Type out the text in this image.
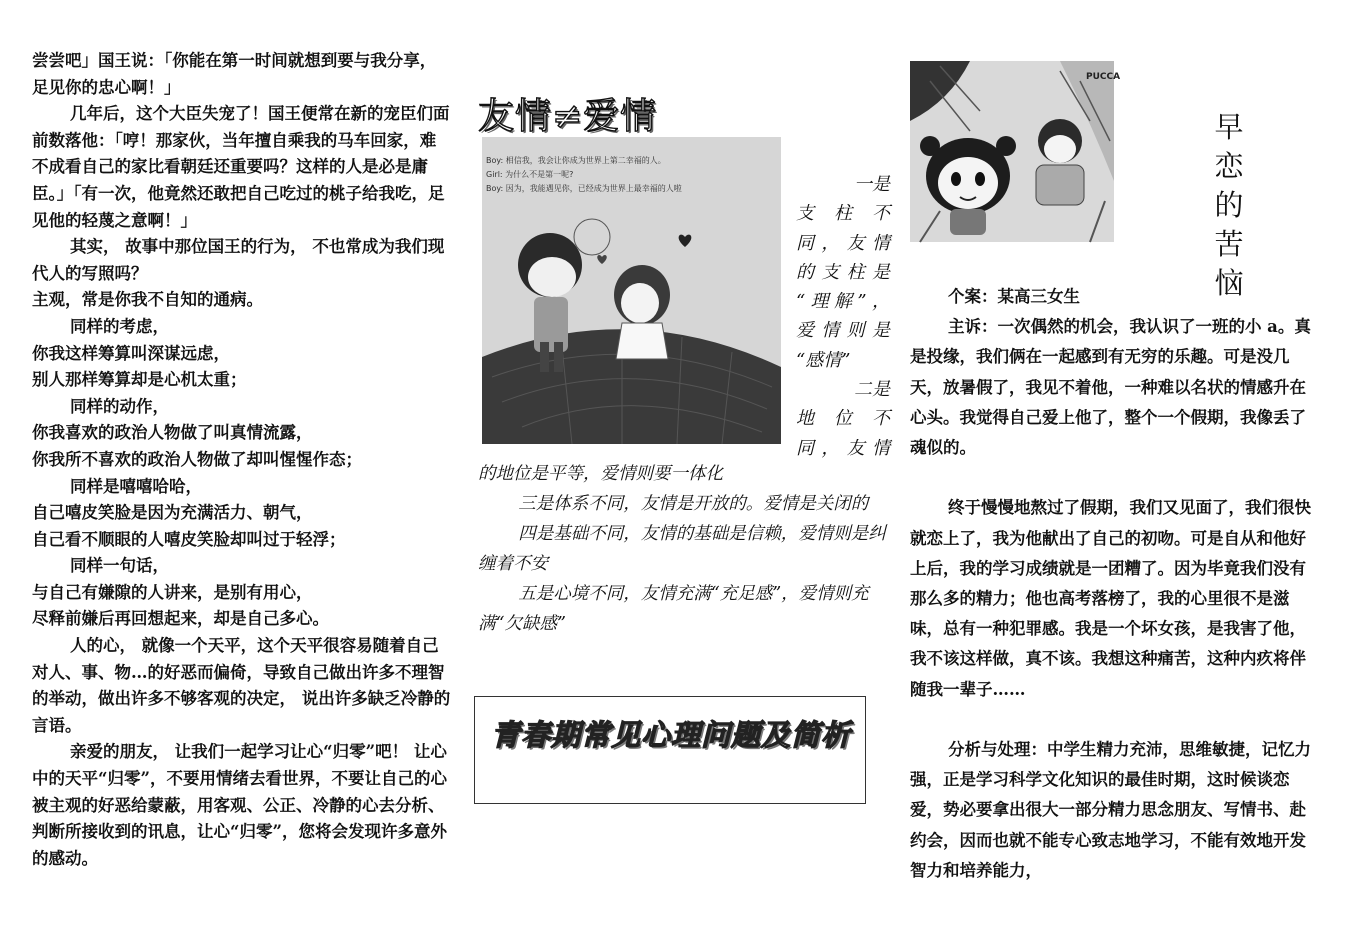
尝尝吧」国王说：「你能在第一时间就想到要与我分享，足见你的忠心啊！」

几年后，这个大臣失宠了！国王便常在新的宠臣们面前数落他：「哼！那家伙，当年擅自乘我的马车回家，难不成看自己的家比看朝廷还重要吗？这样的人是必是庸臣。」「有一次，他竟然还敢把自己吃过的桃子给我吃，足见他的轻蔑之意啊！」

其实， 故事中那位国王的行为， 不也常成为我们现代人的写照吗？

主观，常是你我不自知的通病。

同样的考虑，

你我这样筹算叫深谋远虑，

别人那样筹算却是心机太重；

同样的动作，

你我喜欢的政治人物做了叫真情流露，

你我所不喜欢的政治人物做了却叫惺惺作态；

同样是嘻嘻哈哈，

自己嘻皮笑脸是因为充满活力、朝气，

自己看不顺眼的人嘻皮笑脸却叫过于轻浮；

同样一句话，

与自己有嫌隙的人讲来，是别有用心，

尽释前嫌后再回想起来，却是自己多心。

人的心， 就像一个天平，这个天平很容易随着自己对人、事、物…的好恶而偏倚，导致自己做出许多不理智的举动，做出许多不够客观的决定， 说出许多缺乏冷静的言语。

亲爱的朋友， 让我们一起学习让心“归零”吧！ 让心中的天平“归零”，不要用情绪去看世界，不要让自己的心被主观的好恶给蒙蔽，用客观、公正、冷静的心去分析、判断所接收到的讯息，让心“归零”，您将会发现许多意外的感动。

友情≠爱情
Boy: 相信我，我会让你成为世界上第二幸福的人。
Girl: 为什么不是第一呢?
Boy: 因为，我能遇见你，已经成为世界上最幸福的人啦	一是
支柱不
同，友情
的支柱是
“理解”，
爱情则是
“感情”
二是
地位不
同，友情

的地位是平等，爱情则要一体化

三是体系不同，友情是开放的。爱情是关闭的

四是基础不同，友情的基础是信赖，爱情则是纠缠着不安

五是心境不同，友情充满“充足感”，爱情则充满“欠缺感”

青春期常见心理问题及简析
PUCCA
早
恋
的
苦
恼

个案：某高三女生

主诉：一次偶然的机会，我认识了一班的小 a。真是投缘，我们俩在一起感到有无穷的乐趣。可是没几天，放暑假了，我见不着他，一种难以名状的情感升在心头。我觉得自己爱上他了，整个一个假期，我像丢了魂似的。

终于慢慢地熬过了假期，我们又见面了，我们很快就恋上了，我为他献出了自己的初吻。可是自从和他好上后，我的学习成绩就是一团糟了。因为毕竟我们没有那么多的精力；他也高考落榜了，我的心里很不是滋味，总有一种犯罪感。我是一个坏女孩，是我害了他，我不该这样做，真不该。我想这种痛苦，这种内疚将伴随我一辈子……

分析与处理：中学生精力充沛，思维敏捷，记忆力强，正是学习科学文化知识的最佳时期，这时候谈恋爱，势必要拿出很大一部分精力思念朋友、写情书、赴约会，因而也就不能专心致志地学习，不能有效地开发智力和培养能力，
